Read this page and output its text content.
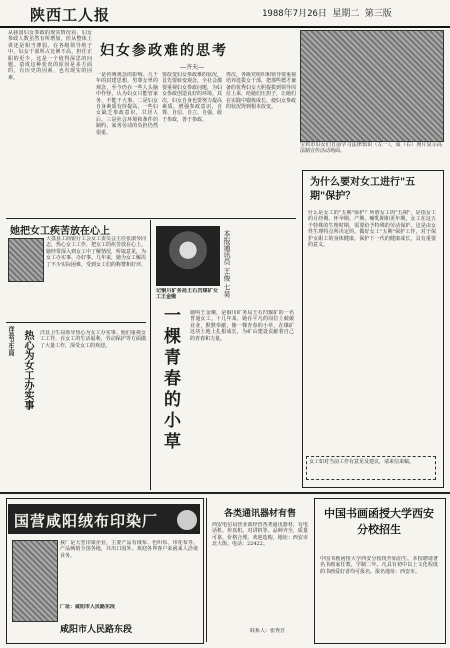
陕西工人报	1988年7月26日 星期二 第三版
妇女参政难的思考
—齐天—
从我国妇女参政的现实情况看，妇女参政人数虽然有所增加，但从整体上讲还是相当薄弱。在各级领导班子中，妇女干部所占比例不高，担任正职的更少。这是一个值得深思的问题。造成这种状况的原因是多方面的，有历史的因素，也有现实的因素。	一是传统观念的影响。几千年的封建思想，男尊女卑的观念，至今仍在一些人头脑中作怪，认为妇女只能管家务，不能干大事。二是妇女自身素质有待提高，一些妇女缺乏参政意识，甘居人后。三是社会环境和条件的制约，家务劳动的负担仍然很重。
要改变妇女参政难的状况，首先要转变观念，全社会都要重视妇女参政问题，为妇女参政创造良好的环境。其次，妇女自身也要努力提高素质，增强参政意识，自尊、自信、自立、自强，敢于参政，善于参政。
再次，各级党组织和领导要重视培养选拔女干部，把那些德才兼备的优秀妇女大胆提拔到领导岗位上来，给她们压担子，让她们在实践中锻炼成长，使妇女参政的状况得到根本改变。
宝鸡市妇女们日前学习法律知识（左一）。成（右）照片显示高法制宣传活动场面。
她把女工疾苦放在心上
大荔县工商银行工会女工委员会主任张淑琴同志，热心女工工作，把女工的疾苦放在心上。她经常深入到女工中了解情况，听取意见，为女工办实事、办好事。几年来，她为女工解决了不少实际困难，受到女工们的称赞和好评。
洋县卫生局 热心为女工办实事	洋县卫生局领导热心为女工办实事。他们重视女工工作，在女工的生活福利、劳动保护等方面做了大量工作，深受女工的欢迎。
记铜川矿务局王石凹煤矿女工王金娥	本报通讯员 王俊 七昊
一棵青春的小草	她叫王金娥，是铜川矿务局王石凹煤矿的一名普通女工。十几年来，她在平凡的岗位上兢兢业业，默默奉献，像一棵青春的小草，在煤矿这块土地上扎根成长，为矿山建设贡献着自己的青春和力量。
为什么要对女工进行"五期"保护？
什么是女工的"五期"保护？所谓女工的"五期"，是指女工的月经期、怀孕期、产期、哺乳期和更年期。女工在这五个特殊的生理时期，需要给予特殊的劳动保护。这是由女性生理特点所决定的。做好女工"五期"保护工作，对于保护女职工的身体健康，保护下一代的健康成长，具有重要的意义。
女工如对当前工作有意见及建议，请来信来稿。
国营咸阳绒布印染厂
我厂是大型印染企业，主要产品有绒布、色织布、印花布等。产品畅销全国各地，并出口国外。欢迎各界客户来函来人洽谈业务。
厂址：咸阳市人民路东段
咸阳市人民路东段
各类通讯器材有售
西安电信局营业部经营各类通讯器材，有电话机、传真机、对讲机等。品种齐全，质量可靠，价格合理。欢迎选购。地址：西安市北大街。电话：22422。
联系人：张秀芳
中国书画函授大学西安分校招生
中国书画函授大学西安分校现开始招生。本校聘请著名书画家任教，学制二年。凡具有初中以上文化程度的书画爱好者均可报名。报名地址：西安市。
